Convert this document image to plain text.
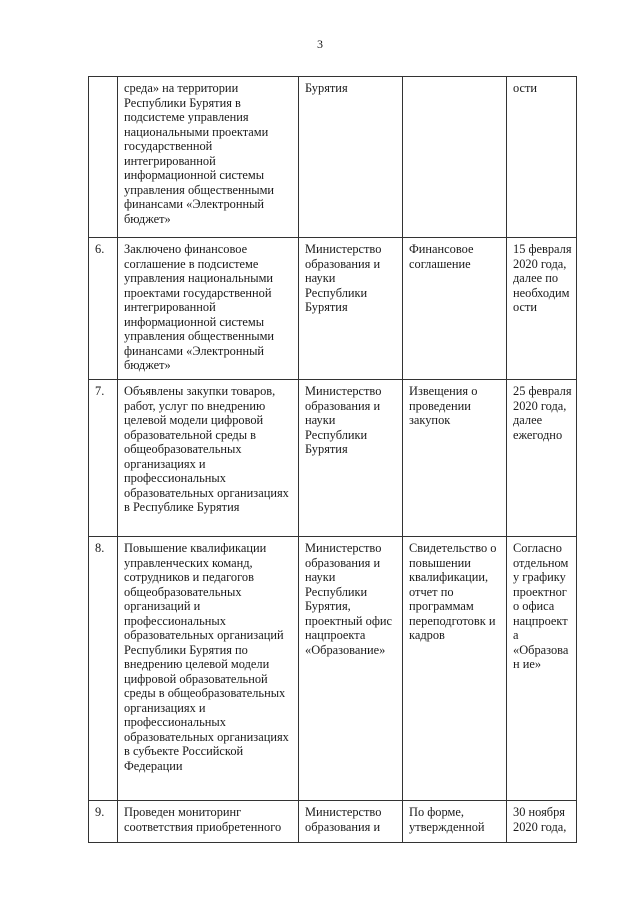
3
	среда» на территории Республики Бурятия в подсистеме управления национальными проектами государственной интегрированной информационной системы управления общественными финансами «Электронный бюджет»	Бурятия		ости
6.	Заключено финансовое соглашение в подсистеме управления национальными проектами государственной интегрированной информационной системы управления общественными финансами «Электронный бюджет»	Министерство образования и науки Республики Бурятия	Финансовое соглашение	15 февраля 2020 года, далее по необходим ости
7.	Объявлены закупки товаров, работ, услуг по внедрению целевой модели цифровой образовательной среды в общеобразовательных организациях и профессиональных образовательных организациях в Республике Бурятия	Министерство образования и науки Республики Бурятия	Извещения о проведении закупок	25 февраля 2020 года, далее ежегодно
8.	Повышение квалификации управленческих команд, сотрудников и педагогов общеобразовательных организаций и профессиональных образовательных организаций Республики Бурятия по внедрению целевой модели цифровой образовательной среды в общеобразовательных организациях и профессиональных образовательных организациях в субъекте Российской Федерации	Министерство образования и науки Республики Бурятия, проектный офис нацпроекта «Образование»	Свидетельство о повышении квалификации, отчет по программам переподготовк и кадров	Согласно отдельному графику проектного офиса нацпроекта «Образован ие»
9.	Проведен мониторинг соответствия приобретенного	Министерство образования и	По форме, утвержденной	30 ноября 2020 года,
